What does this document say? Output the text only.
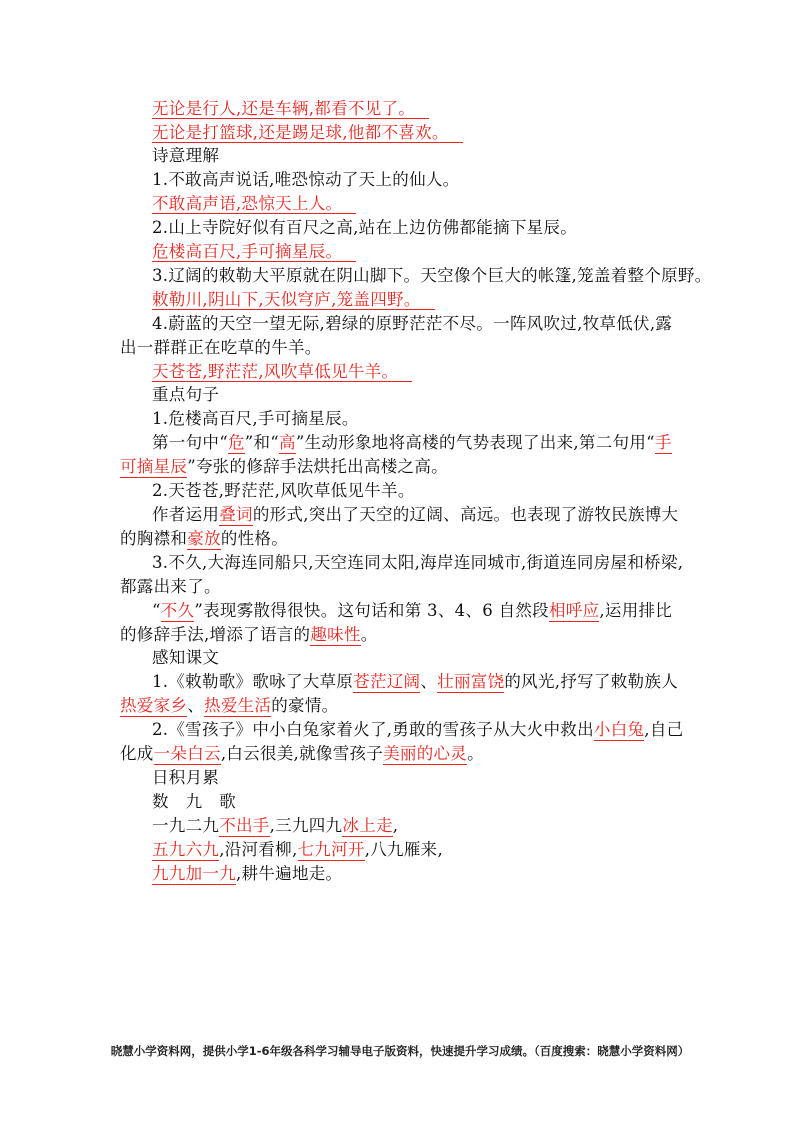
无论是行人,还是车辆,都看不见了。

无论是打篮球,还是踢足球,他都不喜欢。

诗意理解

1.不敢高声说话,唯恐惊动了天上的仙人。

不敢高声语,恐惊天上人。

2.山上寺院好似有百尺之高,站在上边仿佛都能摘下星辰。

危楼高百尺,手可摘星辰。

3.辽阔的敕勒大平原就在阴山脚下。天空像个巨大的帐篷,笼盖着整个原野。

敕勒川,阴山下,天似穹庐,笼盖四野。

4.蔚蓝的天空一望无际,碧绿的原野茫茫不尽。一阵风吹过,牧草低伏,露出一群群正在吃草的牛羊。

天苍苍,野茫茫,风吹草低见牛羊。

重点句子

1.危楼高百尺,手可摘星辰。

第一句中“危”和“高”生动形象地将高楼的气势表现了出来,第二句用“手可摘星辰”夸张的修辞手法烘托出高楼之高。

2.天苍苍,野茫茫,风吹草低见牛羊。

作者运用叠词的形式,突出了天空的辽阔、高远。也表现了游牧民族博大的胸襟和豪放的性格。

3.不久,大海连同船只,天空连同太阳,海岸连同城市,街道连同房屋和桥梁,都露出来了。

“不久”表现雾散得很快。这句话和第 3、4、6 自然段相呼应,运用排比的修辞手法,增添了语言的趣味性。

感知课文

1.《敕勒歌》歌咏了大草原苍茫辽阔、壮丽富饶的风光,抒写了敕勒族人热爱家乡、热爱生活的豪情。

2.《雪孩子》中小白兔家着火了,勇敢的雪孩子从大火中救出小白兔,自己化成一朵白云,白云很美,就像雪孩子美丽的心灵。

日积月累

数　九　歌

一九二九不出手,三九四九冰上走,

五九六九,沿河看柳,七九河开,八九雁来,

九九加一九,耕牛遍地走。

晓慧小学资料网，提供小学1-6年级各科学习辅导电子版资料，快速提升学习成绩。（百度搜索：晓慧小学资料网）
